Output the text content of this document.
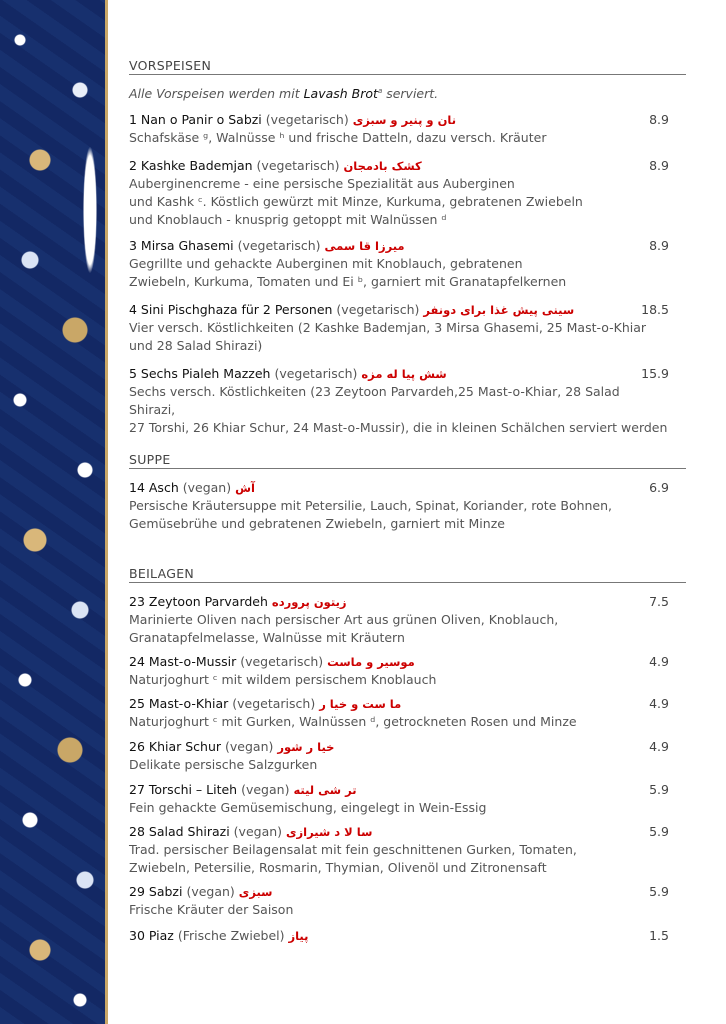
Alle Vorspeisen werden mit Lavash Brot$^a$ serviert.
VORSPEISEN
1 Nan o Panir o Sabzi (vegetarisch) نان و پنیر و سبزی	8.9
Schafskäse ᵍ, Walnüsse ʰ und frische Datteln, dazu versch. Kräuter
2 Kashke Bademjan (vegetarisch) کشک بادمجان	8.9
Auberginencreme - eine persische Spezialität aus Auberginen
und Kashk ᶜ. Köstlich gewürzt mit Minze, Kurkuma, gebratenen Zwiebeln
und Knoblauch - knusprig getoppt mit Walnüssen ᵈ
3 Mirsa Ghasemi (vegetarisch) میرزا قا سمی	8.9
Gegrillte und gehackte Auberginen mit Knoblauch, gebratenen
Zwiebeln, Kurkuma, Tomaten und Ei ᵇ, garniert mit Granatapfelkernen
4 Sini Pischghaza für 2 Personen (vegetarisch) سینی پیش غذا برای دونفر	18.5
Vier versch. Köstlichkeiten (2 Kashke Bademjan, 3 Mirsa Ghasemi, 25 Mast-o-Khiar
und 28 Salad Shirazi)
5 Sechs Pialeh Mazzeh (vegetarisch) شش پیا له مزه	15.9
Sechs versch. Köstlichkeiten (23 Zeytoon Parvardeh,25 Mast-o-Khiar, 28 Salad Shirazi,
27 Torshi, 26 Khiar Schur, 24 Mast-o-Mussir), die in kleinen Schälchen serviert werden
SUPPE
14 Asch (vegan) آش	6.9
Persische Kräutersuppe mit Petersilie, Lauch, Spinat, Koriander, rote Bohnen,
Gemüsebrühe und gebratenen Zwiebeln, garniert mit Minze
BEILAGEN
23 Zeytoon Parvardeh زیتون پرورده	7.5
Marinierte Oliven nach persischer Art aus grünen Oliven, Knoblauch,
Granatapfelmelasse, Walnüsse mit Kräutern
24 Mast-o-Mussir (vegetarisch) موسیر و ماست	4.9
Naturjoghurt ᶜ mit wildem persischem Knoblauch
25 Mast-o-Khiar (vegetarisch) ما ست و خیا ر	4.9
Naturjoghurt ᶜ mit Gurken, Walnüssen ᵈ, getrockneten Rosen und Minze
26 Khiar Schur (vegan) خیا ر شور	4.9
Delikate persische Salzgurken
27 Torschi – Liteh (vegan) تر شی لیته	5.9
Fein gehackte Gemüsemischung, eingelegt in Wein-Essig
28 Salad Shirazi (vegan) سا لا د شیرازی	5.9
Trad. persischer Beilagensalat mit fein geschnittenen Gurken, Tomaten,
Zwiebeln, Petersilie, Rosmarin, Thymian, Olivenöl und Zitronensaft
29 Sabzi (vegan) سبزی	5.9
Frische Kräuter der Saison
30 Piaz (Frische Zwiebel) پیاز	1.5
